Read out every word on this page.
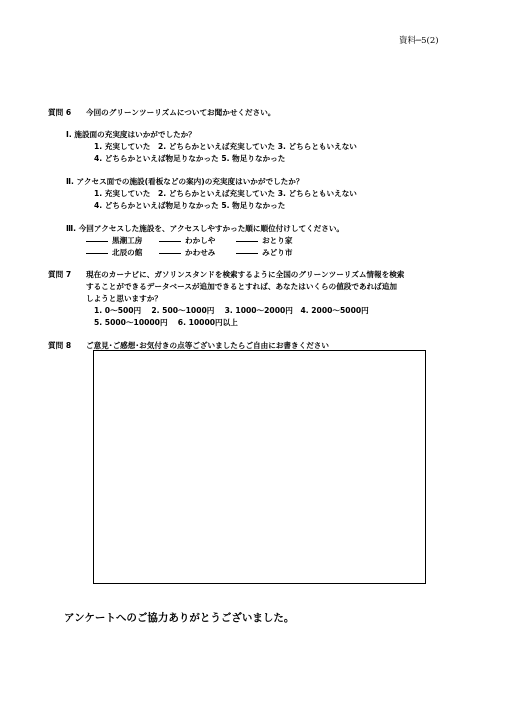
資料─5(2)
質問 6 今回のグリーンツーリズムについてお聞かせください。
Ⅰ. 施設面の充実度はいかがでしたか？
1. 充実していた　2. どちらかといえば充実していた 3. どちらともいえない
4. どちらかといえば物足りなかった 5. 物足りなかった
Ⅱ. アクセス面での施設(看板などの案内)の充実度はいかがでしたか？
1. 充実していた　2. どちらかといえば充実していた 3. どちらともいえない
4. どちらかといえば物足りなかった 5. 物足りなかった
Ⅲ. 今回アクセスした施設を、アクセスしやすかった順に順位付けしてください。
黒潮工房	わかしや	おとり家
北辰の館	かわせみ	みどり市
質問 7 現在のカーナビに、ガソリンスタンドを検索するように全国のグリーンツーリズム情報を検索
することができるデータベースが追加できるとすれば、あなたはいくらの値段であれば追加
しようと思いますか？
1. 0～500円　 2. 500～1000円　 3. 1000～2000円　4. 2000～5000円
5. 5000～10000円　 6. 10000円以上
質問 8 ご意見･ご感想･お気付きの点等ございましたらご自由にお書きください
アンケートへのご協力ありがとうございました。
